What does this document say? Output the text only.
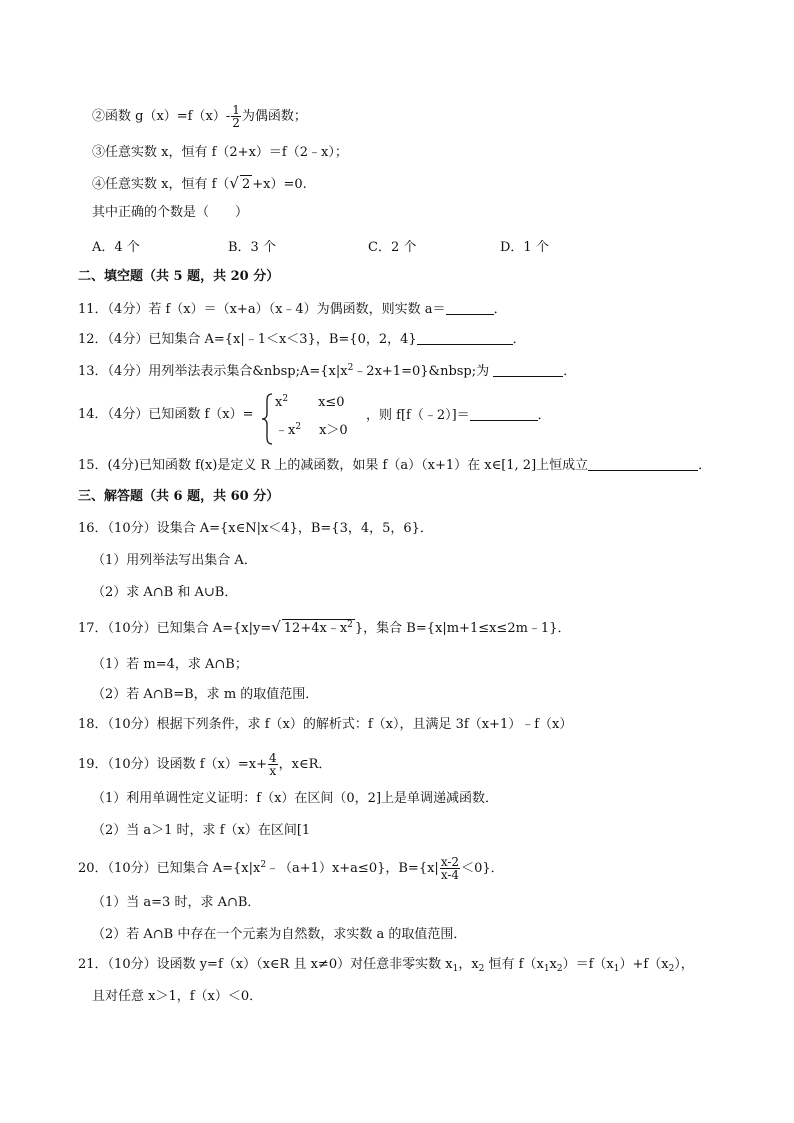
②函数 $g(x)=f(x)- \frac{1}{2}$ 为偶函数；
③任意实数 x，恒有 f（2+x）＝f（2﹣x）；
④任意实数 x，恒有 f（√ 2 +x）=0.
其中正确的个数是（　　）
A．4 个	B．3 个	C．2 个	D．1 个
二、填空题（共 5 题，共 20 分）
11．（4分）若 f（x）＝（x+a）（x﹣4）为偶函数，则实数 a＝	．
12．（4分）已知集合 A={x|﹣1＜x＜3}，B={0，2，4}	．
13．（4分）用列举法表示集合$\&nbsp;A=\{x|x^2﹣2x+1=0\}\&nbsp$;为	．
14．（4分）已知函数 f（x）=
$x^2$ x≤0
$﹣x^2$ x＞0
，则 f[f（﹣2）]＝	．
15．(4分)已知函数 f(x)是定义 R 上的减函数，如果 f（a）（x+1）在 x∈[1, 2]上恒成立	．
三、解答题（共 6 题，共 60 分）
16．（10分）设集合 A={x∈N|x＜4}，B={3，4，5，6}．
（1）用列举法写出集合 A．
（2）求 A∩B 和 A∪B．
17．（10分）已知集合 A={x|y=√ $12+4x﹣x^2$ }，集合 B={x|m+1≤x≤2m﹣1}．
（1）若 m=4，求 A∩B；
（2）若 A∩B=B，求 m 的取值范围．
18．（10分）根据下列条件，求 f（x）的解析式：f（x），且满足 3f（x+1）﹣f（x）
19．（10分）设函数 $f(x)=x+ \frac{4}{x}$ ，x∈R．
（1）利用单调性定义证明：f（x）在区间（0，2]上是单调递减函数．
（2）当 a＞1 时，求 f（x）在区间[1
20．（10分）已知集合 $A=\{x|x^2﹣(a+1)x+a\le 0\}$，$B=\{x| \frac{x-2}{x-4} <0\}$．
（1）当 a=3 时，求 A∩B．
（2）若 A∩B 中存在一个元素为自然数，求实数 a 的取值范围．
21．（10分）设函数 y=f（x）（x∈R 且 x≠0）对任意非零实数 $x_1$，$x_2$ 恒有 $f(x_1x_2)=f(x_1)+f(x_2)$，
且对任意 x＞1，f（x）＜0．
